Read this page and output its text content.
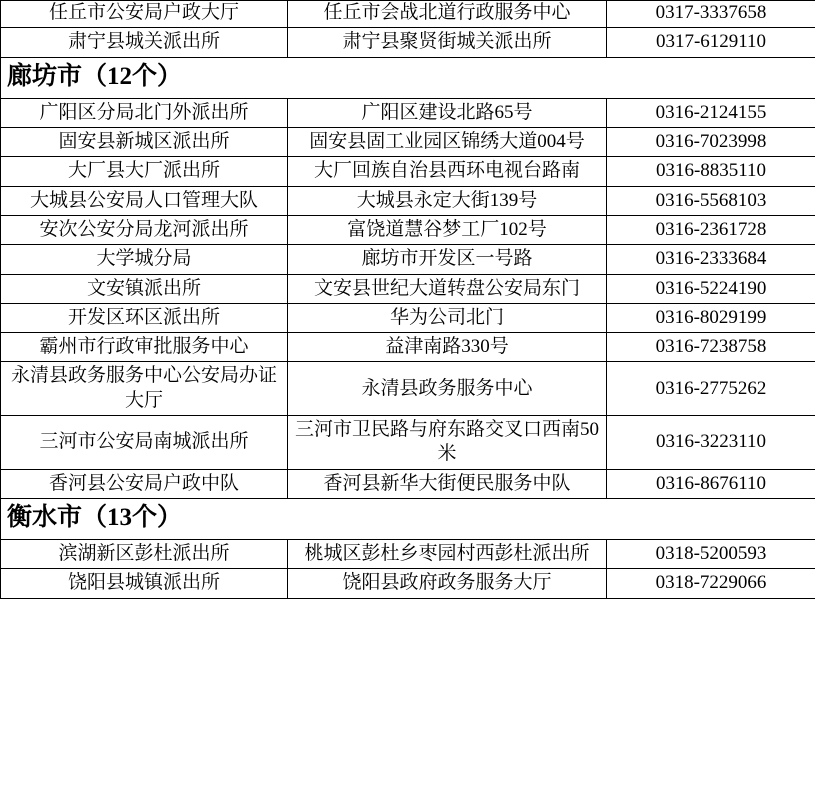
任丘市公安局户政大厅	任丘市会战北道行政服务中心	0317-3337658
肃宁县城关派出所	肃宁县聚贤街城关派出所	0317-6129110
廊坊市（12个）		
广阳区分局北门外派出所	广阳区建设北路65号	0316-2124155
固安县新城区派出所	固安县固工业园区锦绣大道004号	0316-7023998
大厂县大厂派出所	大厂回族自治县西环电视台路南	0316-8835110
大城县公安局人口管理大队	大城县永定大街139号	0316-5568103
安次公安分局龙河派出所	富饶道慧谷梦工厂102号	0316-2361728
大学城分局	廊坊市开发区一号路	0316-2333684
文安镇派出所	文安县世纪大道转盘公安局东门	0316-5224190
开发区环区派出所	华为公司北门	0316-8029199
霸州市行政审批服务中心	益津南路330号	0316-7238758
永清县政务服务中心公安局办证大厅	永清县政务服务中心	0316-2775262
三河市公安局南城派出所	三河市卫民路与府东路交叉口西南50米	0316-3223110
香河县公安局户政中队	香河县新华大街便民服务中队	0316-8676110
衡水市（13个）		
滨湖新区彭杜派出所	桃城区彭杜乡枣园村西彭杜派出所	0318-5200593
饶阳县城镇派出所	饶阳县政府政务服务大厅	0318-7229066
